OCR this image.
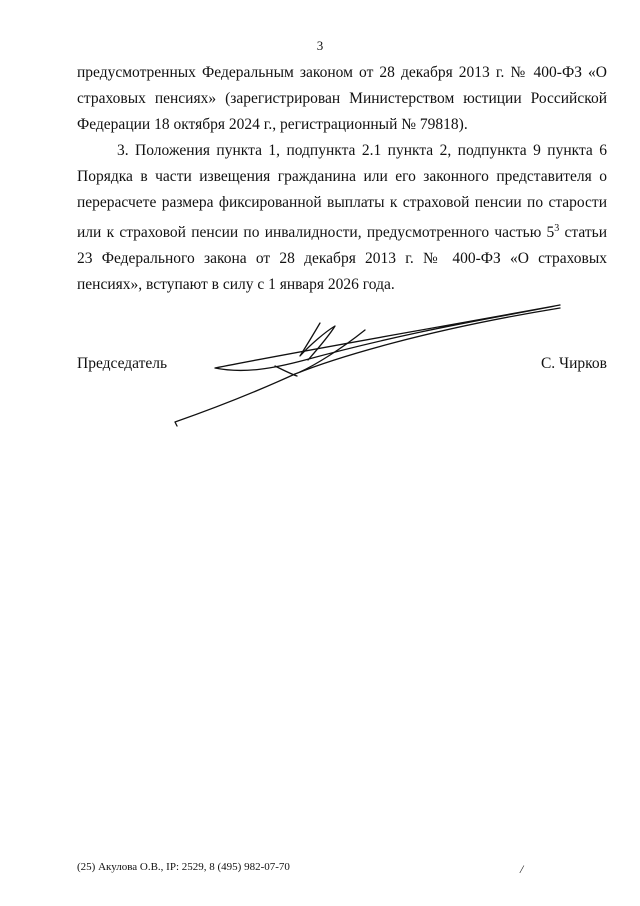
3
предусмотренных Федеральным законом от 28 декабря 2013 г. № 400-ФЗ «О страховых пенсиях» (зарегистрирован Министерством юстиции Российской Федерации 18 октября 2024 г., регистрационный № 79818).
3. Положения пункта 1, подпункта 2.1 пункта 2, подпункта 9 пункта 6 Порядка в части извещения гражданина или его законного представителя о перерасчете размера фиксированной выплаты к страховой пенсии по старости или к страховой пенсии по инвалидности, предусмотренного частью $5^3$ статьи 23 Федерального закона от 28 декабря 2013 г. № 400-ФЗ «О страховых пенсиях», вступают в силу с 1 января 2026 года.
Председатель	С. Чирков
(25) Акулова О.В., IP: 2529, 8 (495) 982-07-70	/
